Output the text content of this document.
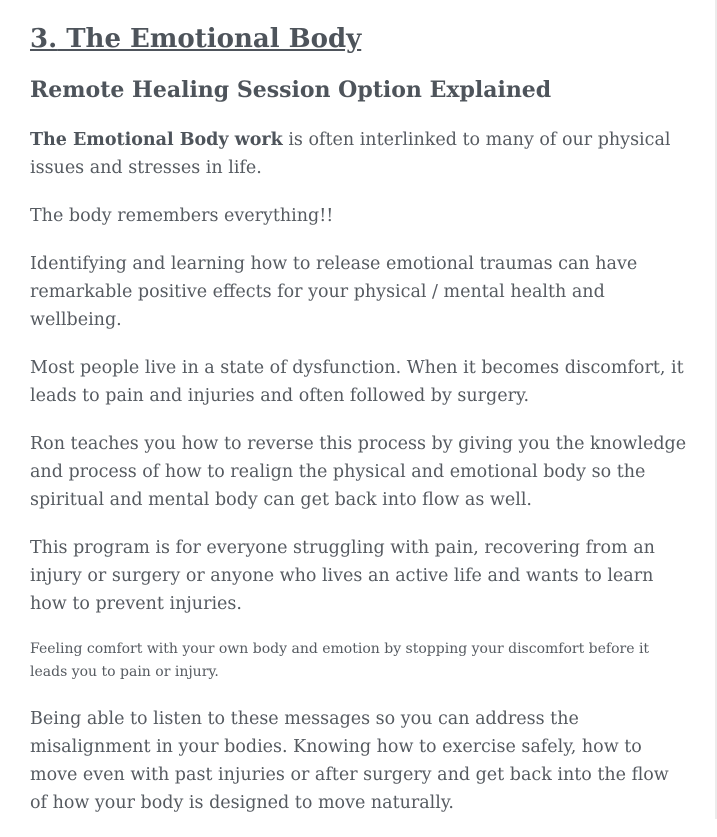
3. The Emotional Body
Remote Healing Session Option Explained

The Emotional Body work is often interlinked to many of our physical issues and stresses in life.

The body remembers everything!!

Identifying and learning how to release emotional traumas can have remarkable positive effects for your physical / mental health and wellbeing.

Most people live in a state of dysfunction. When it becomes discomfort, it leads to pain and injuries and often followed by surgery.

Ron teaches you how to reverse this process by giving you the knowledge and process of how to realign the physical and emotional body so the spiritual and mental body can get back into flow as well.

This program is for everyone struggling with pain, recovering from an injury or surgery or anyone who lives an active life and wants to learn how to prevent injuries.

Feeling comfort with your own body and emotion by stopping your discomfort before it leads you to pain or injury.

Being able to listen to these messages so you can address the misalignment in your bodies. Knowing how to exercise safely, how to move even with past injuries or after surgery and get back into the flow of how your body is designed to move naturally.
